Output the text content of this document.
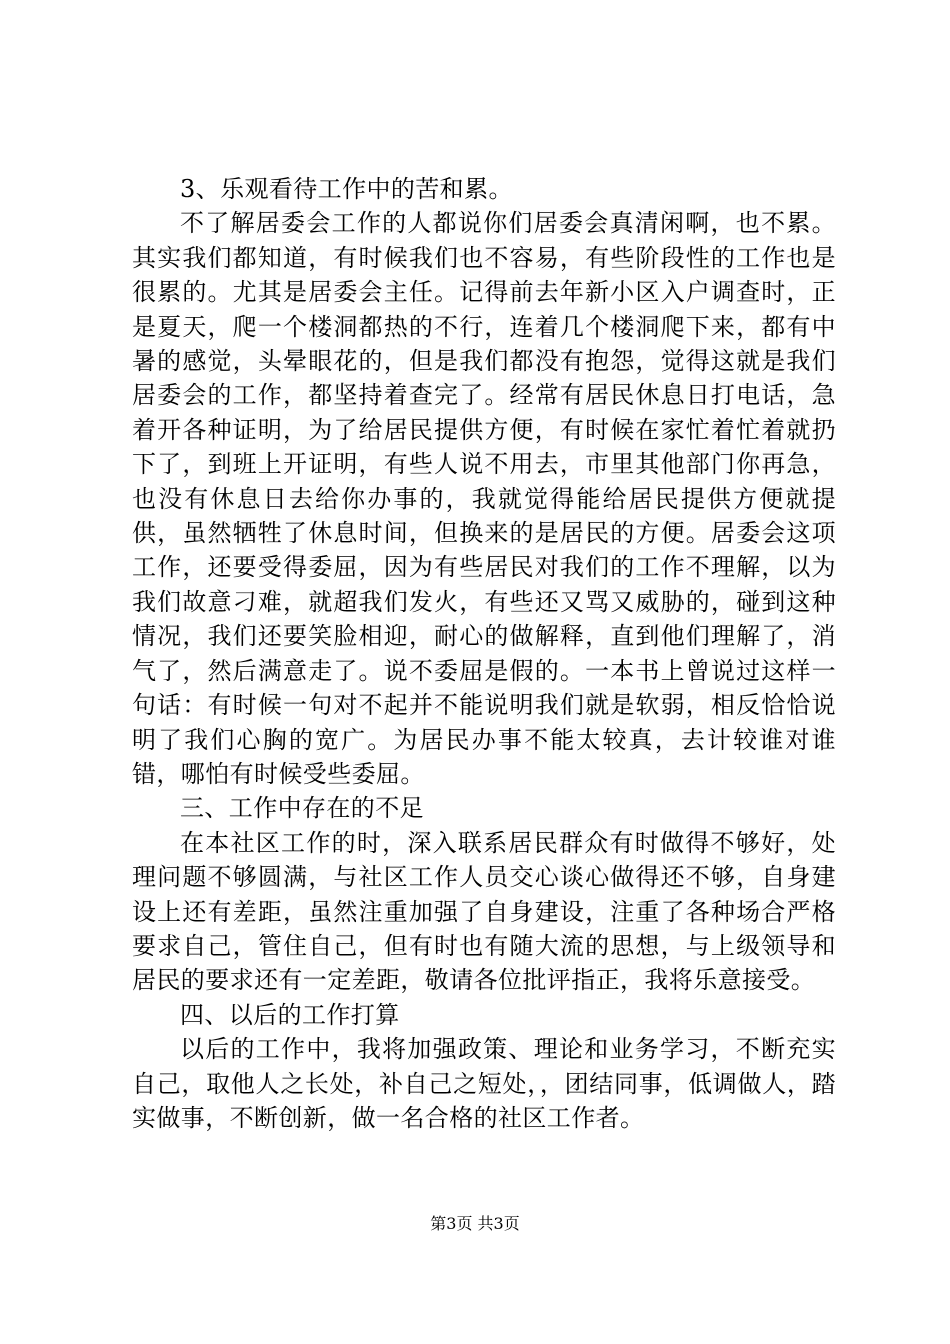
3、乐观看待工作中的苦和累。

不了解居委会工作的人都说你们居委会真清闲啊，也不累。其实我们都知道，有时候我们也不容易，有些阶段性的工作也是很累的。尤其是居委会主任。记得前去年新小区入户调查时，正是夏天，爬一个楼洞都热的不行，连着几个楼洞爬下来，都有中暑的感觉，头晕眼花的，但是我们都没有抱怨，觉得这就是我们居委会的工作，都坚持着查完了。经常有居民休息日打电话，急着开各种证明，为了给居民提供方便，有时候在家忙着忙着就扔下了，到班上开证明，有些人说不用去，市里其他部门你再急，也没有休息日去给你办事的，我就觉得能给居民提供方便就提供，虽然牺牲了休息时间，但换来的是居民的方便。居委会这项工作，还要受得委屈，因为有些居民对我们的工作不理解，以为我们故意刁难，就超我们发火，有些还又骂又威胁的，碰到这种情况，我们还要笑脸相迎，耐心的做解释，直到他们理解了，消气了，然后满意走了。说不委屈是假的。一本书上曾说过这样一句话：有时候一句对不起并不能说明我们就是软弱，相反恰恰说明了我们心胸的宽广。为居民办事不能太较真，去计较谁对谁错，哪怕有时候受些委屈。

三、工作中存在的不足

在本社区工作的时，深入联系居民群众有时做得不够好，处理问题不够圆满，与社区工作人员交心谈心做得还不够，自身建设上还有差距，虽然注重加强了自身建设，注重了各种场合严格要求自己，管住自己，但有时也有随大流的思想，与上级领导和居民的要求还有一定差距，敬请各位批评指正，我将乐意接受。

四、以后的工作打算

以后的工作中，我将加强政策、理论和业务学习，不断充实自己，取他人之长处，补自己之短处，，团结同事，低调做人，踏实做事，不断创新，做一名合格的社区工作者。

第3页 共3页
